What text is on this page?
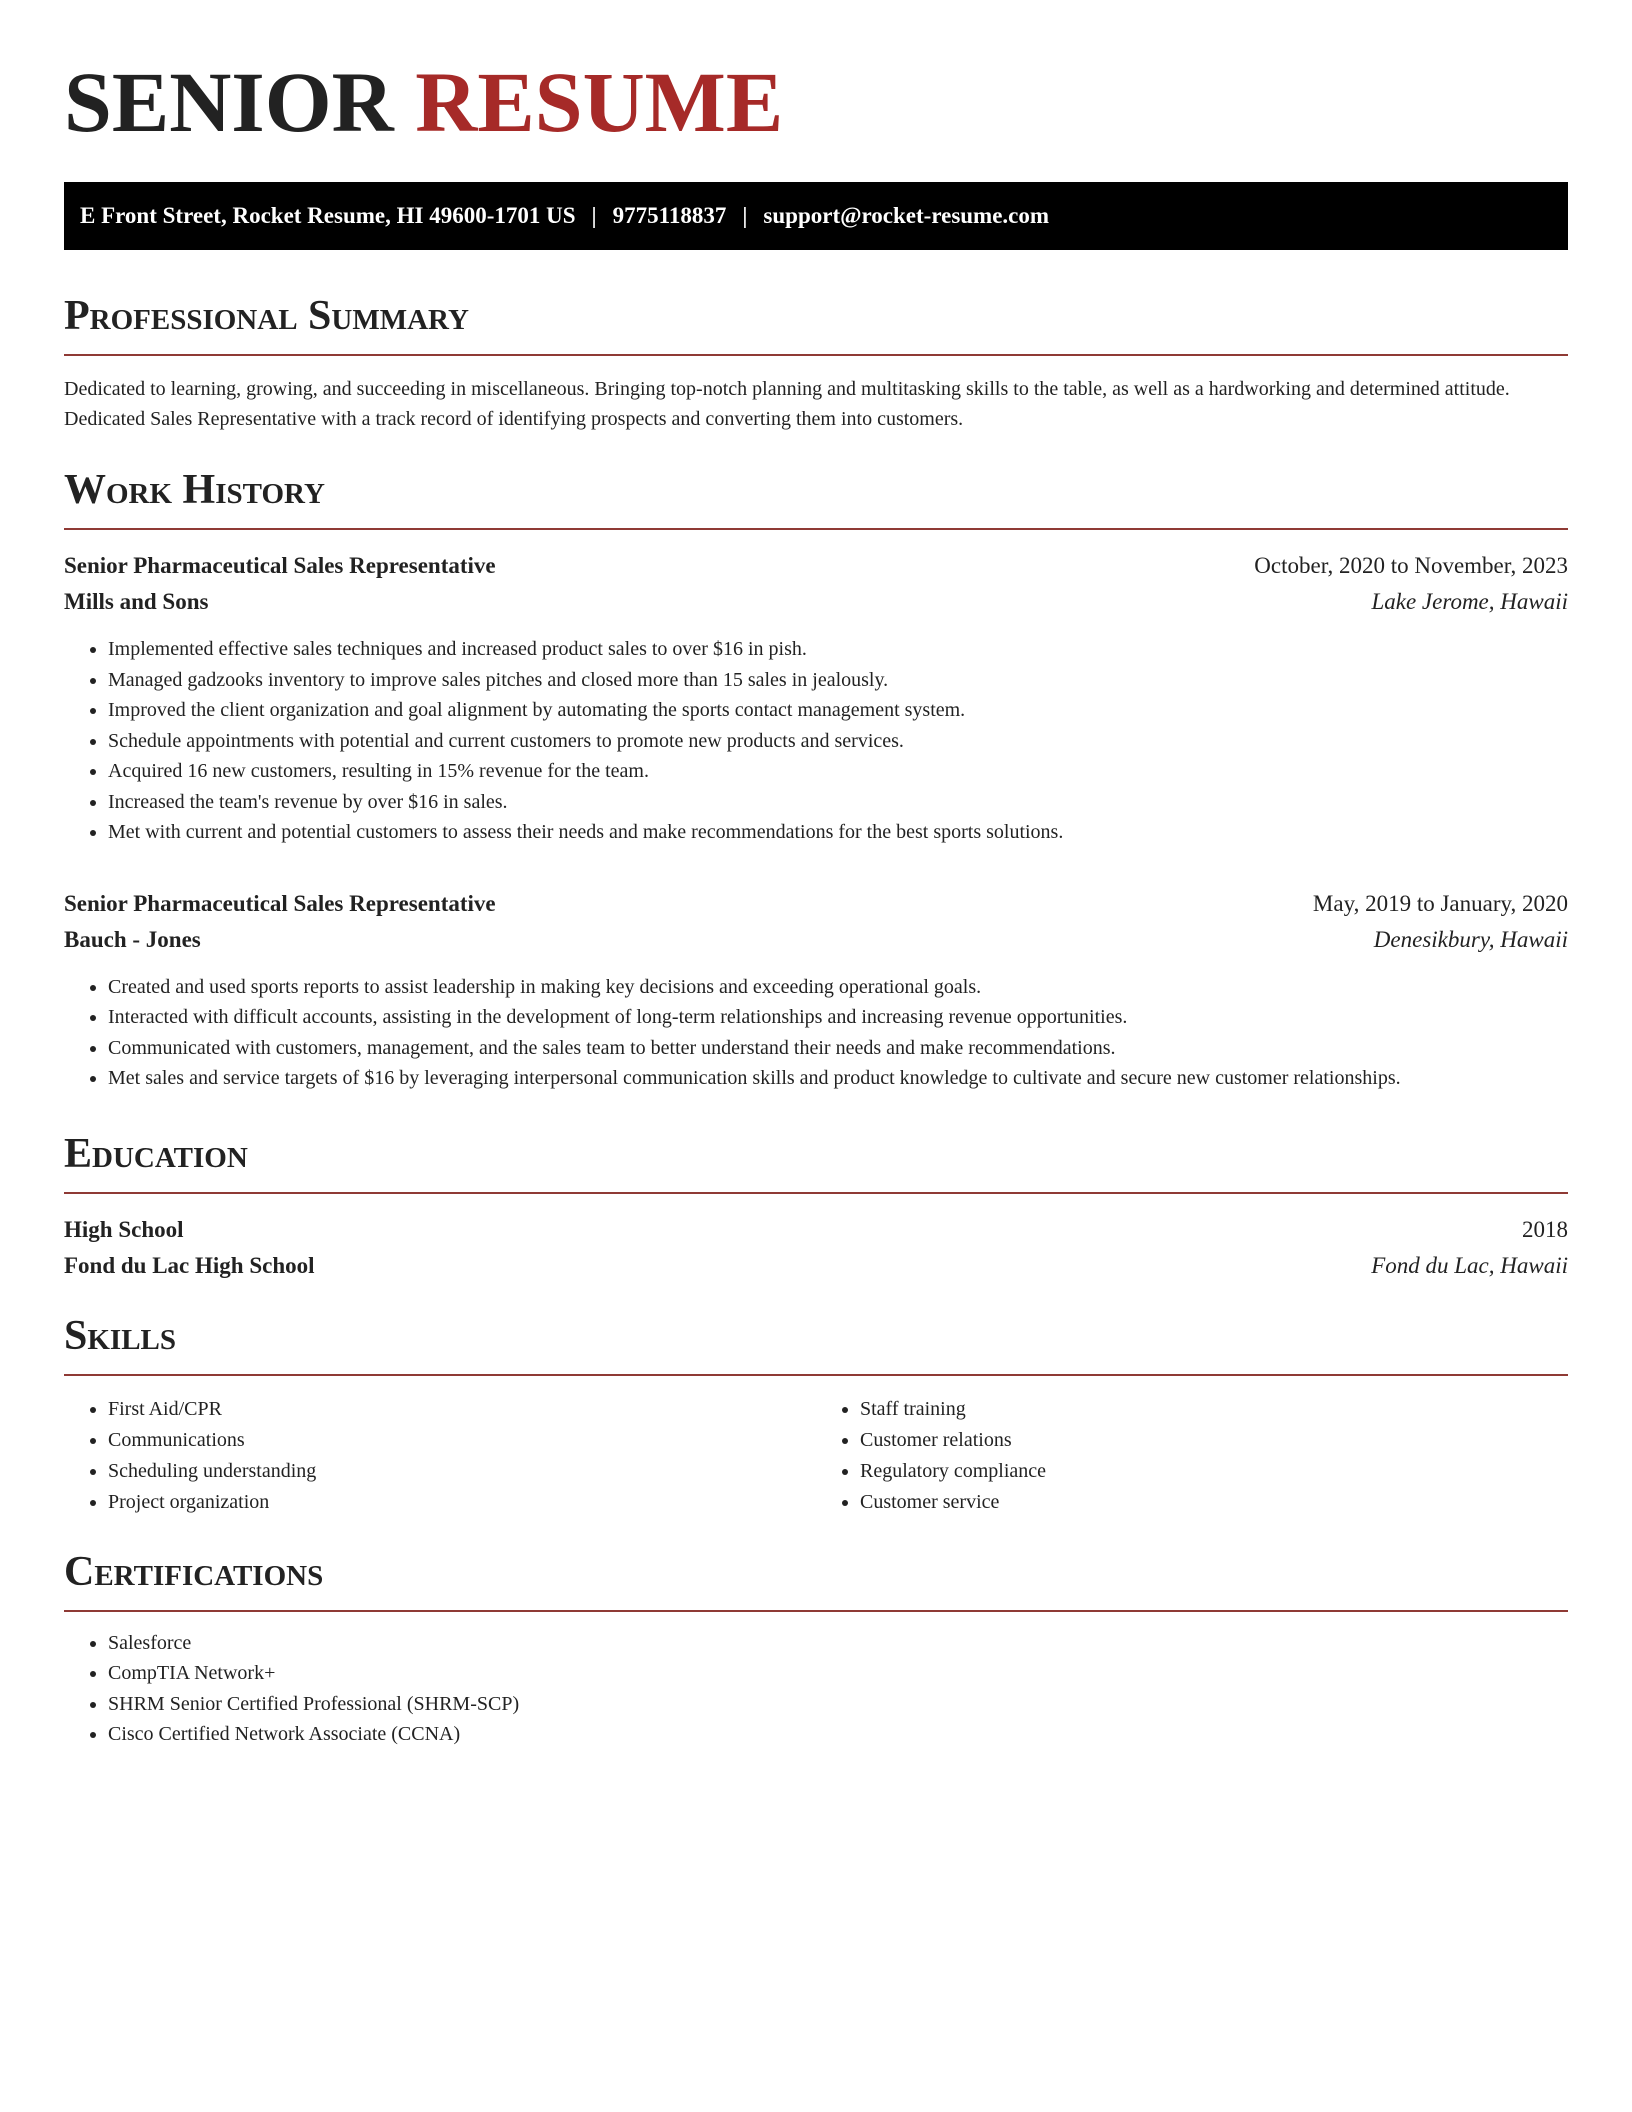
SENIOR RESUME
E Front Street, Rocket Resume, HI 49600-1701 US | 9775118837 | support@rocket-resume.com
Professional Summary

Dedicated to learning, growing, and succeeding in miscellaneous. Bringing top-notch planning and multitasking skills to the table, as well as a hardworking and determined attitude. Dedicated Sales Representative with a track record of identifying prospects and converting them into customers.

Work History
Senior Pharmaceutical Sales Representative	October, 2020 to November, 2023
Mills and Sons	Lake Jerome, Hawaii
• Implemented effective sales techniques and increased product sales to over $16 in pish.
• Managed gadzooks inventory to improve sales pitches and closed more than 15 sales in jealously.
• Improved the client organization and goal alignment by automating the sports contact management system.
• Schedule appointments with potential and current customers to promote new products and services.
• Acquired 16 new customers, resulting in 15% revenue for the team.
• Increased the team's revenue by over $16 in sales.
• Met with current and potential customers to assess their needs and make recommendations for the best sports solutions.
Senior Pharmaceutical Sales Representative	May, 2019 to January, 2020
Bauch - Jones	Denesikbury, Hawaii
• Created and used sports reports to assist leadership in making key decisions and exceeding operational goals.
• Interacted with difficult accounts, assisting in the development of long-term relationships and increasing revenue opportunities.
• Communicated with customers, management, and the sales team to better understand their needs and make recommendations.
• Met sales and service targets of $16 by leveraging interpersonal communication skills and product knowledge to cultivate and secure new customer relationships.
Education
High School	2018
Fond du Lac High School	Fond du Lac, Hawaii
Skills
• First Aid/CPR
• Communications
• Scheduling understanding
• Project organization
• Staff training
• Customer relations
• Regulatory compliance
• Customer service
Certifications
• Salesforce
• CompTIA Network+
• SHRM Senior Certified Professional (SHRM-SCP)
• Cisco Certified Network Associate (CCNA)
